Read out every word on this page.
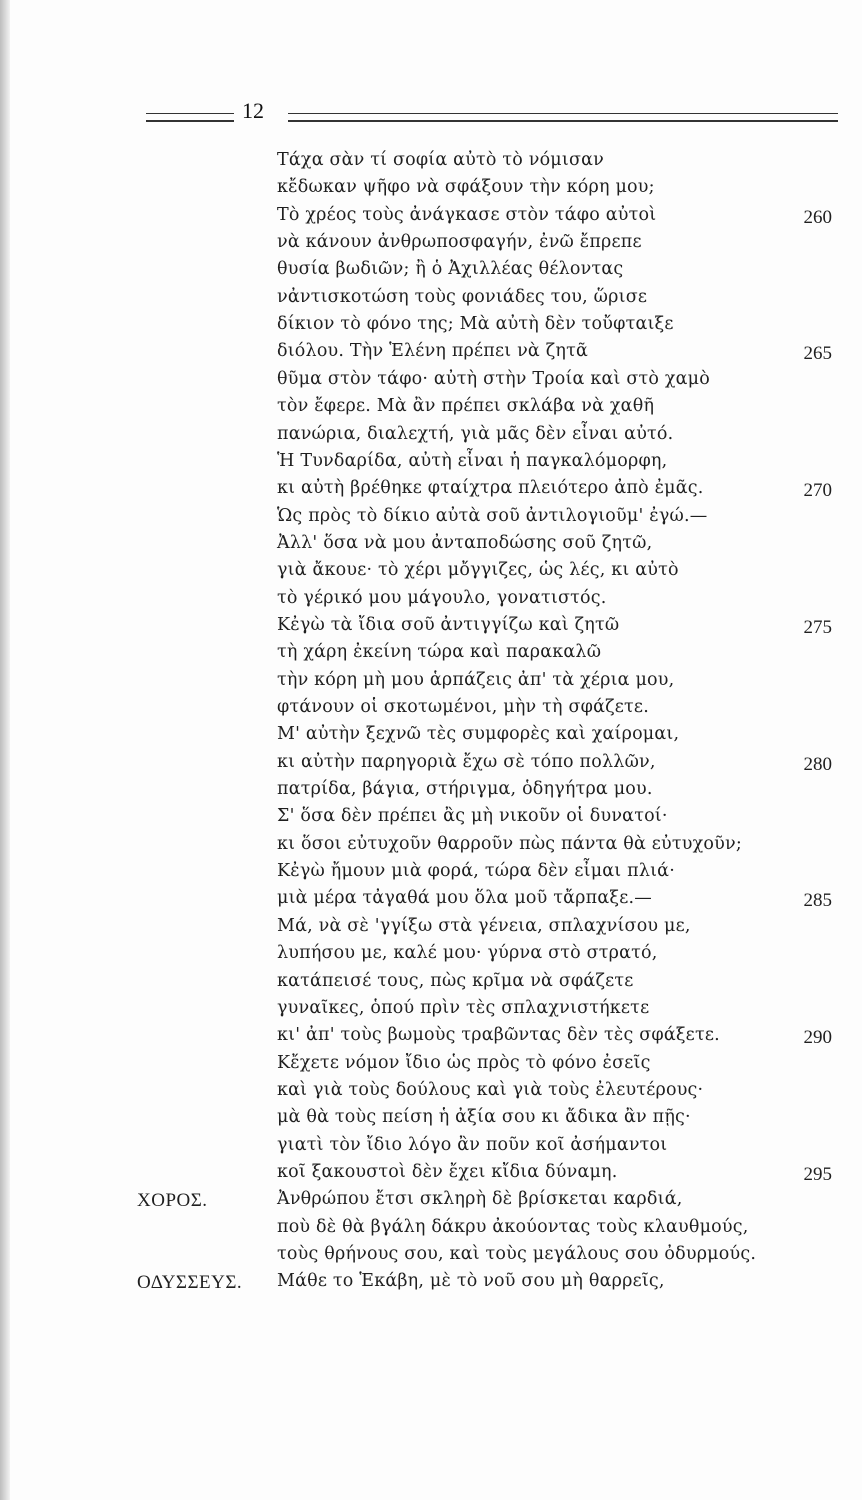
12
Τάχα σὰν τί σοφία αὐτὸ τὸ νόμισαν
κἔδωκαν ψῆφο νὰ σφάξουν τὴν κόρη μου;
Τὸ χρέος τοὺς ἀνάγκασε στὸν τάφο αὐτοὶ
νὰ κάνουν ἀνθρωποσφαγήν, ἐνῶ ἔπρεπε
θυσία βωδιῶν; ἢ ὁ Ἀχιλλέας θέλοντας
νἀντισκοτώση τοὺς φονιάδες του, ὥρισε
δίκιον τὸ φόνο της; Μὰ αὐτὴ δὲν τοὔφταιξε
διόλου. Τὴν Ἑλένη πρέπει νὰ ζητᾶ
θῦμα στὸν τάφο· αὐτὴ στὴν Τροία καὶ στὸ χαμὸ
τὸν ἔφερε. Μὰ ἂν πρέπει σκλάβα νὰ χαθῆ
πανώρια, διαλεχτή, γιὰ μᾶς δὲν εἶναι αὐτό.
Ἡ Τυνδαρίδα, αὐτὴ εἶναι ἡ παγκαλόμορφη,
κι αὐτὴ βρέθηκε φταίχτρα πλειότερο ἀπὸ ἐμᾶς.
Ὡς πρὸς τὸ δίκιο αὐτὰ σοῦ ἀντιλογιοῦμ' ἐγώ.—
Ἀλλ' ὅσα νὰ μου ἀνταποδώσης σοῦ ζητῶ,
γιὰ ἄκουε· τὸ χέρι μὄγγιζες, ὡς λές, κι αὐτὸ
τὸ γέρικό μου μάγουλο, γονατιστός.
Κἐγὼ τὰ ἴδια σοῦ ἀντιγγίζω καὶ ζητῶ
τὴ χάρη ἐκείνη τώρα καὶ παρακαλῶ
τὴν κόρη μὴ μου ἁρπάζεις ἀπ' τὰ χέρια μου,
φτάνουν οἱ σκοτωμένοι, μὴν τὴ σφάζετε.
Μ' αὐτὴν ξεχνῶ τὲς συμφορὲς καὶ χαίρομαι,
κι αὐτὴν παρηγοριὰ ἔχω σὲ τόπο πολλῶν,
πατρίδα, βάγια, στήριγμα, ὁδηγήτρα μου.
Σ' ὅσα δὲν πρέπει ἂς μὴ νικοῦν οἱ δυνατοί·
κι ὅσοι εὐτυχοῦν θαρροῦν πὼς πάντα θὰ εὐτυχοῦν;
Κἐγὼ ἤμουν μιὰ φορά, τώρα δὲν εἶμαι πλιά·
μιὰ μέρα τἀγαθά μου ὅλα μοῦ τἄρπαξε.—
Μά, νὰ σὲ 'γγίξω στὰ γένεια, σπλαχνίσου με,
λυπήσου με, καλέ μου· γύρνα στὸ στρατό,
κατάπεισέ τους, πὼς κρῖμα νὰ σφάζετε
γυναῖκες, ὁπού πρὶν τὲς σπλαχνιστήκετε
κι' ἀπ' τοὺς βωμοὺς τραβῶντας δὲν τὲς σφάξετε.
Κἔχετε νόμον ἴδιο ὡς πρὸς τὸ φόνο ἐσεῖς
καὶ γιὰ τοὺς δούλους καὶ γιὰ τοὺς ἐλευτέρους·
μὰ θὰ τοὺς πείση ἡ ἀξία σου κι ἄδικα ἂν πῇς·
γιατὶ τὸν ἴδιο λόγο ἂν ποῦν κοῖ ἀσήμαντοι
κοῖ ξακουστοὶ δὲν ἔχει κἴδια δύναμη.
Ἀνθρώπου ἔτσι σκληρὴ δὲ βρίσκεται καρδιά,
ποὺ δὲ θὰ βγάλη δάκρυ ἀκούοντας τοὺς κλαυθμούς,
τοὺς θρήνους σου, καὶ τοὺς μεγάλους σου ὀδυρμούς.
Μάθε το Ἑκάβη, μὲ τὸ νοῦ σου μὴ θαρρεῖς,
260
265
270
275
280
285
290
295
ΧΟΡΟΣ.
ΟΔΥΣΣΕΥΣ.
